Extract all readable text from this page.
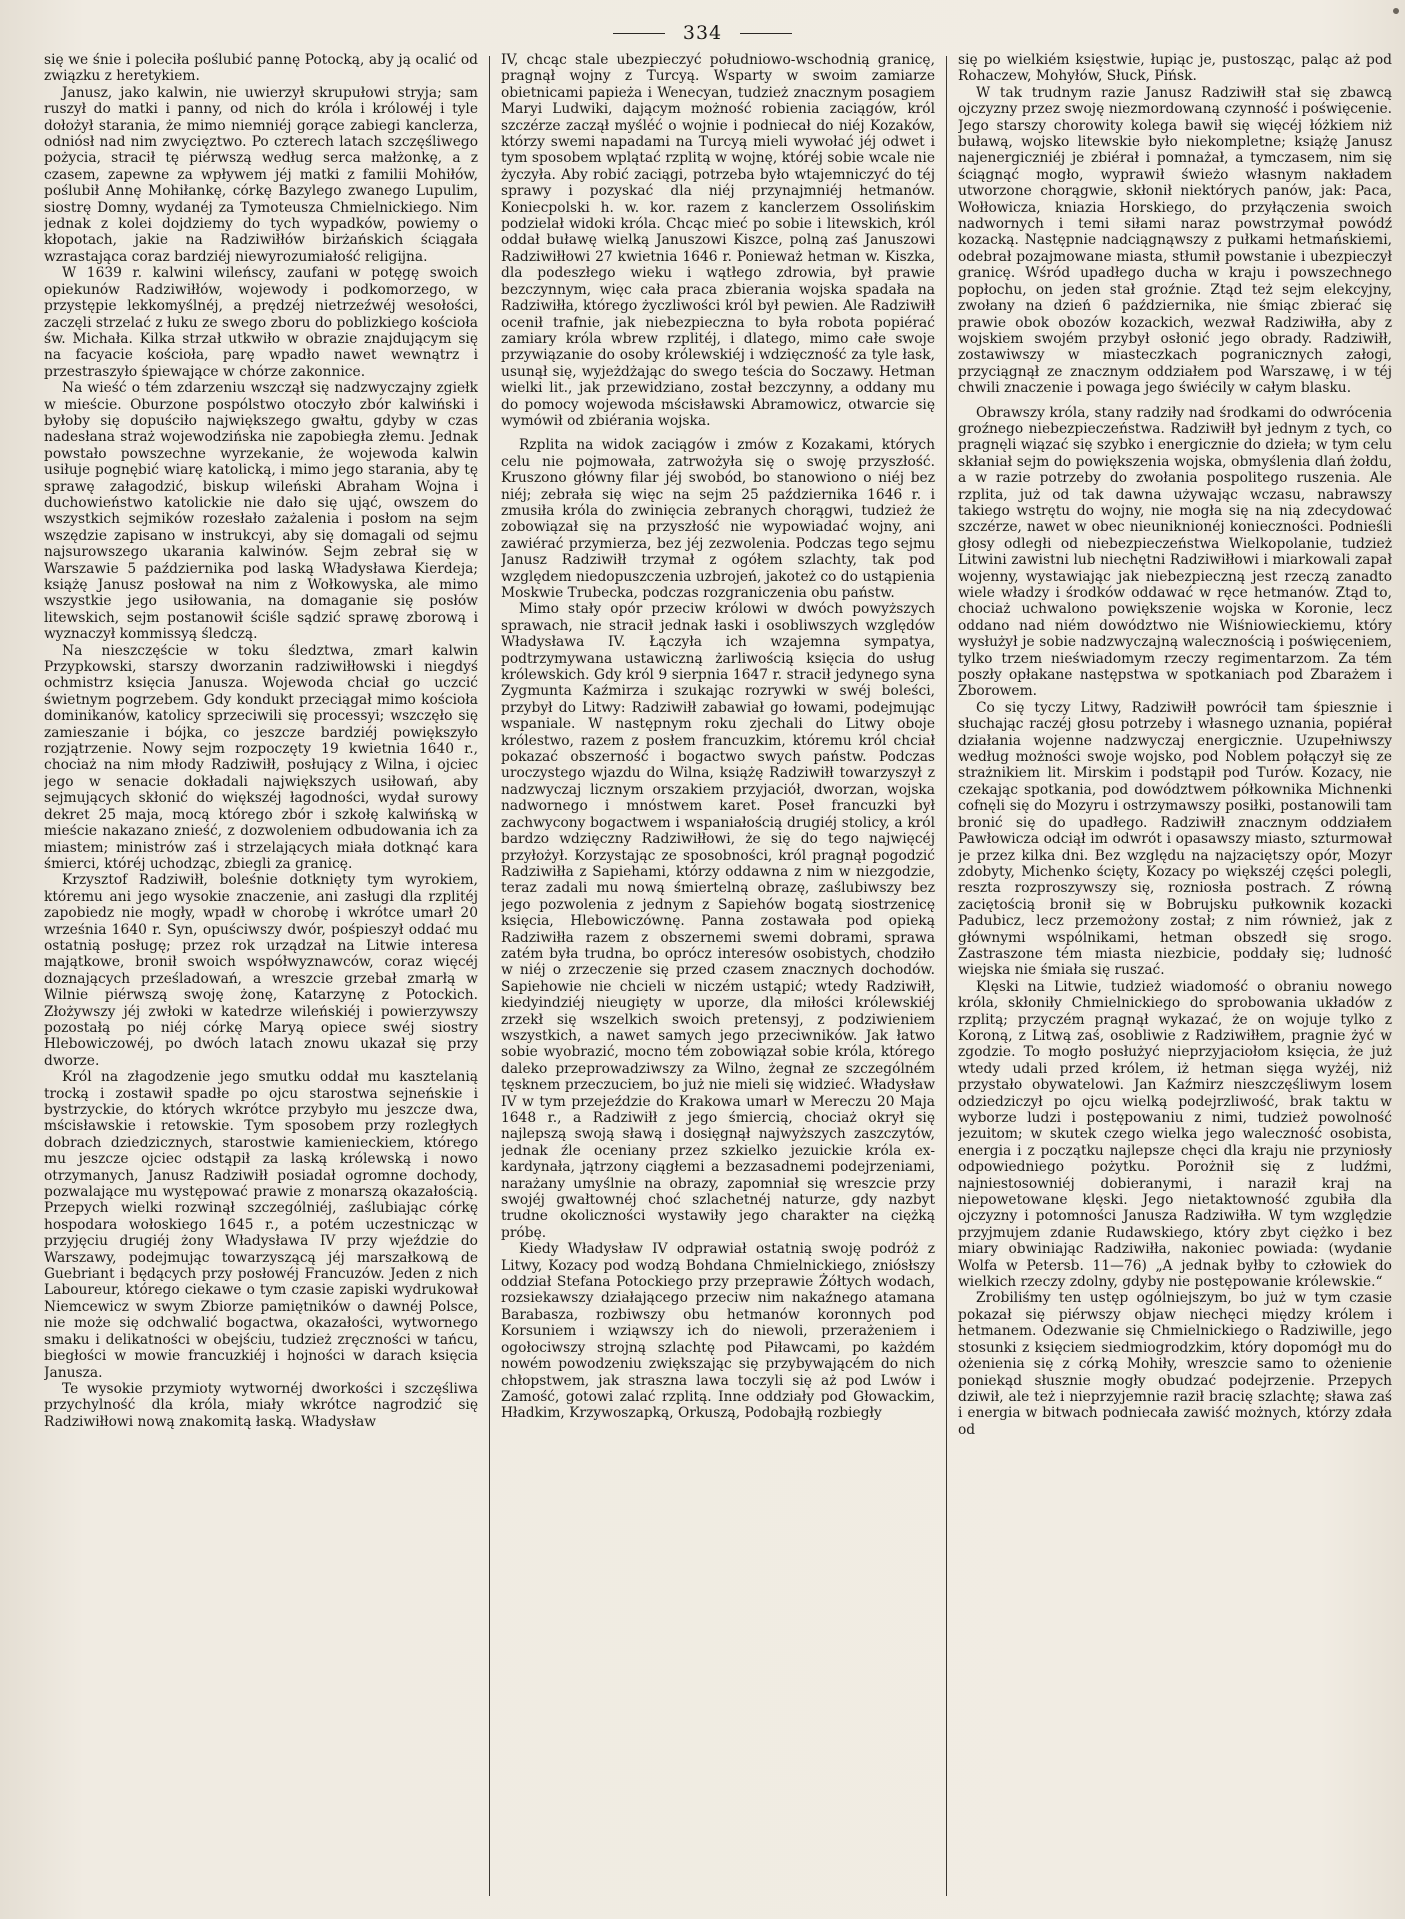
334

się we śnie i poleciła poślubić pannę Potocką, aby ją ocalić od związku z heretykiem.

Janusz, jako kalwin, nie uwierzył skrupułowi stryja; sam ruszył do matki i panny, od nich do króla i królowéj i tyle dołożył starania, że mimo niemniéj gorące zabiegi kanclerza, odniósł nad nim zwycięztwo. Po czterech latach szczęśliwego pożycia, stracił tę piérwszą według serca małżonkę, a z czasem, zapewne za wpływem jéj matki z familii Mohiłów, poślubił Annę Mohiłankę, córkę Bazylego zwanego Lupulim, siostrę Domny, wydanéj za Tymoteusza Chmielnickiego. Nim jednak z kolei dojdziemy do tych wypadków, powiemy o kłopotach, jakie na Radziwiłłów birżańskich ściągała wzrastająca coraz bardziéj niewyrozumiałość religijna.

W 1639 r. kalwini wileńscy, zaufani w potęgę swoich opiekunów Radziwiłłów, wojewody i podkomorzego, w przystępie lekkomyślnéj, a prędzéj nietrzeźwéj wesołości, zaczęli strzelać z łuku ze swego zboru do poblizkiego kościoła św. Michała. Kilka strzał utkwiło w obrazie znajdującym się na facyacie kościoła, parę wpadło nawet wewnątrz i przestraszyło śpiewające w chórze zakonnice.

Na wieść o tém zdarzeniu wszczął się nadzwyczajny zgiełk w mieście. Oburzone pospólstwo otoczyło zbór kalwiński i byłoby się dopuściło największego gwałtu, gdyby w czas nadesłana straż wojewodzińska nie zapobiegła złemu. Jednak powstało powszechne wyrzekanie, że wojewoda kalwin usiłuje pognębić wiarę katolicką, i mimo jego starania, aby tę sprawę załagodzić, biskup wileński Abraham Wojna i duchowieństwo katolickie nie dało się ująć, owszem do wszystkich sejmików rozesłało zażalenia i posłom na sejm wszędzie zapisano w instrukcyi, aby się domagali od sejmu najsurowszego ukarania kalwinów. Sejm zebrał się w Warszawie 5 października pod laską Władysława Kierdeja; książę Janusz posłował na nim z Wołkowyska, ale mimo wszystkie jego usiłowania, na domaganie się posłów litewskich, sejm postanowił ściśle sądzić sprawę zborową i wyznaczył kommissyą śledczą.

Na nieszczęście w toku śledztwa, zmarł kalwin Przypkowski, starszy dworzanin radziwiłłowski i niegdyś ochmistrz księcia Janusza. Wojewoda chciał go uczcić świetnym pogrzebem. Gdy kondukt przeciągał mimo kościoła dominikanów, katolicy sprzeciwili się processyi; wszczęło się zamieszanie i bójka, co jeszcze bardziéj powiększyło rozjątrzenie. Nowy sejm rozpoczęty 19 kwietnia 1640 r., chociaż na nim młody Radziwiłł, posłujący z Wilna, i ojciec jego w senacie dokładali największych usiłowań, aby sejmujących skłonić do większéj łagodności, wydał surowy dekret 25 maja, mocą którego zbór i szkołę kalwińską w mieście nakazano znieść, z dozwoleniem odbudowania ich za miastem; ministrów zaś i strzelających miała dotknąć kara śmierci, któréj uchodząc, zbiegli za granicę.

Krzysztof Radziwiłł, boleśnie dotknięty tym wyrokiem, któremu ani jego wysokie znaczenie, ani zasługi dla rzplitéj zapobiedz nie mogły, wpadł w chorobę i wkrótce umarł 20 września 1640 r. Syn, opuściwszy dwór, pośpieszył oddać mu ostatnią posługę; przez rok urządzał na Litwie interesa majątkowe, bronił swoich współwyznawców, coraz więcéj doznających prześladowań, a wreszcie grzebał zmarłą w Wilnie piérwszą swoję żonę, Katarzynę z Potockich. Złożywszy jéj zwłoki w katedrze wileńskiéj i powierzywszy pozostałą po niéj córkę Maryą opiece swéj siostry Hlebowiczowéj, po dwóch latach znowu ukazał się przy dworze.

Król na złagodzenie jego smutku oddał mu kasztelanią trocką i zostawił spadłe po ojcu starostwa sejneńskie i bystrzyckie, do których wkrótce przybyło mu jeszcze dwa, mścisławskie i retowskie. Tym sposobem przy rozległych dobrach dziedzicznych, starostwie kamienieckiem, którego mu jeszcze ojciec odstąpił za laską królewską i nowo otrzymanych, Janusz Radziwiłł posiadał ogromne dochody, pozwalające mu występować prawie z monarszą okazałością. Przepych wielki rozwinął szczególniéj, zaślubiając córkę hospodara wołoskiego 1645 r., a potém uczestnicząc w przyjęciu drugiéj żony Władysława IV przy wjeździe do Warszawy, podejmując towarzyszącą jéj marszałkową de Guebriant i będących przy posłowéj Francuzów. Jeden z nich Laboureur, którego ciekawe o tym czasie zapiski wydrukował Niemcewicz w swym Zbiorze pamiętników o dawnéj Polsce, nie może się odchwalić bogactwa, okazałości, wytwornego smaku i delikatności w obejściu, tudzież zręczności w tańcu, biegłości w mowie francuzkiéj i hojności w darach księcia Janusza.

Te wysokie przymioty wytwornéj dworkości i szczęśliwa przychylność dla króla, miały wkrótce nagrodzić się Radziwiłłowi nową znakomitą łaską. Władysław

IV, chcąc stale ubezpieczyć południowo-wschodnią granicę, pragnął wojny z Turcyą. Wsparty w swoim zamiarze obietnicami papieża i Wenecyan, tudzież znacznym posagiem Maryi Ludwiki, dającym możność robienia zaciągów, król szczérze zaczął myśléć o wojnie i podniecał do niéj Kozaków, którzy swemi napadami na Turcyą mieli wywołać jéj odwet i tym sposobem wplątać rzplitą w wojnę, któréj sobie wcale nie życzyła. Aby robić zaciągi, potrzeba było wtajemniczyć do téj sprawy i pozyskać dla niéj przynajmniéj hetmanów. Koniecpolski h. w. kor. razem z kanclerzem Ossolińskim podzielał widoki króla. Chcąc mieć po sobie i litewskich, król oddał buławę wielką Januszowi Kiszce, polną zaś Januszowi Radziwiłłowi 27 kwietnia 1646 r. Ponieważ hetman w. Kiszka, dla podeszłego wieku i wątłego zdrowia, był prawie bezczynnym, więc cała praca zbierania wojska spadała na Radziwiłła, którego życzliwości król był pewien. Ale Radziwiłł ocenił trafnie, jak niebezpieczna to była robota popiérać zamiary króla wbrew rzplitéj, i dlatego, mimo całe swoje przywiązanie do osoby królewskiéj i wdzięczność za tyle łask, usunął się, wyjeżdżając do swego teścia do Soczawy. Hetman wielki lit., jak przewidziano, został bezczynny, a oddany mu do pomocy wojewoda mścisławski Abramowicz, otwarcie się wymówił od zbiérania wojska.

Rzplita na widok zaciągów i zmów z Kozakami, których celu nie pojmowała, zatrwożyła się o swoję przyszłość. Kruszono główny filar jéj swobód, bo stanowiono o niéj bez niéj; zebrała się więc na sejm 25 października 1646 r. i zmusiła króla do zwinięcia zebranych chorągwi, tudzież że zobowiązał się na przyszłość nie wypowiadać wojny, ani zawiérać przymierza, bez jéj zezwolenia. Podczas tego sejmu Janusz Radziwiłł trzymał z ogółem szlachty, tak pod względem niedopuszczenia uzbrojeń, jakoteż co do ustąpienia Moskwie Trubecka, podczas rozgraniczenia obu państw.

Mimo stały opór przeciw królowi w dwóch powyższych sprawach, nie stracił jednak łaski i osobliwszych względów Władysława IV. Łączyła ich wzajemna sympatya, podtrzymywana ustawiczną żarliwością księcia do usług królewskich. Gdy król 9 sierpnia 1647 r. stracił jedynego syna Zygmunta Kaźmirza i szukając rozrywki w swéj boleści, przybył do Litwy: Radziwiłł zabawiał go łowami, podejmując wspaniale. W następnym roku zjechali do Litwy oboje królestwo, razem z posłem francuzkim, któremu król chciał pokazać obszerność i bogactwo swych państw. Podczas uroczystego wjazdu do Wilna, książę Radziwiłł towarzyszył z nadzwyczaj licznym orszakiem przyjaciół, dworzan, wojska nadwornego i mnóstwem karet. Poseł francuzki był zachwycony bogactwem i wspaniałością drugiéj stolicy, a król bardzo wdzięczny Radziwiłłowi, że się do tego najwięcéj przyłożył. Korzystając ze sposobności, król pragnął pogodzić Radziwiłła z Sapiehami, którzy oddawna z nim w niezgodzie, teraz zadali mu nową śmiertelną obrazę, zaślubiwszy bez jego pozwolenia z jednym z Sapiehów bogatą siostrzenicę księcia, Hlebowiczównę. Panna zostawała pod opieką Radziwiłła razem z obszernemi swemi dobrami, sprawa zatém była trudna, bo oprócz interesów osobistych, chodziło w niéj o zrzeczenie się przed czasem znacznych dochodów. Sapiehowie nie chcieli w niczém ustąpić; wtedy Radziwiłł, kiedyindziéj nieugięty w uporze, dla miłości królewskiéj zrzekł się wszelkich swoich pretensyj, z podziwieniem wszystkich, a nawet samych jego przeciwników. Jak łatwo sobie wyobrazić, mocno tém zobowiązał sobie króla, którego daleko przeprowadziwszy za Wilno, żegnał ze szczególném tęsknem przeczuciem, bo już nie mieli się widzieć. Władysław IV w tym przejeździe do Krakowa umarł w Mereczu 20 Maja 1648 r., a Radziwiłł z jego śmiercią, chociaż okrył się najlepszą swoją sławą i dosięgnął najwyższych zaszczytów, jednak źle oceniany przez szkielko jezuickie króla ex-kardynała, jątrzony ciągłemi a bezzasadnemi podejrzeniami, narażany umyślnie na obrazy, zapomniał się wreszcie przy swojéj gwałtownéj choć szlachetnéj naturze, gdy nazbyt trudne okoliczności wystawiły jego charakter na ciężką próbę.

Kiedy Władysław IV odprawiał ostatnią swoję podróż z Litwy, Kozacy pod wodzą Bohdana Chmielnickiego, zniósłszy oddział Stefana Potockiego przy przeprawie Żółtych wodach, rozsiekawszy działającego przeciw nim nakaźnego atamana Barabasza, rozbiwszy obu hetmanów koronnych pod Korsuniem i wziąwszy ich do niewoli, przerażeniem i ogołociwszy strojną szlachtę pod Piławcami, po każdém nowém powodzeniu zwiększając się przybywającém do nich chłopstwem, jak straszna lawa toczyli się aż pod Lwów i Zamość, gotowi zalać rzplitą. Inne oddziały pod Głowackim, Hładkim, Krzywoszapką, Orkuszą, Podobajłą rozbiegły

się po wielkiém księstwie, łupiąc je, pustosząc, paląc aż pod Rohaczew, Mohyłów, Słuck, Pińsk.

W tak trudnym razie Janusz Radziwiłł stał się zbawcą ojczyzny przez swoję niezmordowaną czynność i poświęcenie. Jego starszy chorowity kolega bawił się więcéj łóżkiem niż buławą, wojsko litewskie było niekompletne; książę Janusz najenergiczniéj je zbiérał i pomnażał, a tymczasem, nim się ściągnąć mogło, wyprawił świeżo własnym nakładem utworzone chorągwie, skłonił niektórych panów, jak: Paca, Wołłowicza, kniazia Horskiego, do przyłączenia swoich nadwornych i temi siłami naraz powstrzymał powódź kozacką. Następnie nadciągnąwszy z pułkami hetmańskiemi, odebrał pozajmowane miasta, stłumił powstanie i ubezpieczył granicę. Wśród upadłego ducha w kraju i powszechnego popłochu, on jeden stał groźnie. Ztąd też sejm elekcyjny, zwołany na dzień 6 października, nie śmiąc zbierać się prawie obok obozów kozackich, wezwał Radziwiłła, aby z wojskiem swojém przybył osłonić jego obrady. Radziwiłł, zostawiwszy w miasteczkach pogranicznych załogi, przyciągnął ze znacznym oddziałem pod Warszawę, i w téj chwili znaczenie i powaga jego świécily w całym blasku.

Obrawszy króla, stany radziły nad środkami do odwrócenia groźnego niebezpieczeństwa. Radziwiłł był jednym z tych, co pragnęli wiązać się szybko i energicznie do dzieła; w tym celu skłaniał sejm do powiększenia wojska, obmyślenia dlań żołdu, a w razie potrzeby do zwołania pospolitego ruszenia. Ale rzplita, już od tak dawna używając wczasu, nabrawszy takiego wstrętu do wojny, nie mogła się na nią zdecydować szczérze, nawet w obec nieuniknionéj konieczności. Podnieśli głosy odległi od niebezpieczeństwa Wielkopolanie, tudzież Litwini zawistni lub niechętni Radziwiłłowi i miarkowali zapał wojenny, wystawiając jak niebezpieczną jest rzeczą zanadto wiele władzy i środków oddawać w ręce hetmanów. Ztąd to, chociaż uchwalono powiększenie wojska w Koronie, lecz oddano nad niém dowództwo nie Wiśniowieckiemu, który wysłużył je sobie nadzwyczajną walecznością i poświęceniem, tylko trzem nieświadomym rzeczy regimentarzom. Za tém poszły opłakane następstwa w spotkaniach pod Zbarażem i Zborowem.

Co się tyczy Litwy, Radziwiłł powrócił tam śpiesznie i słuchając raczéj głosu potrzeby i własnego uznania, popiérał działania wojenne nadzwyczaj energicznie. Uzupełniwszy według możności swoje wojsko, pod Noblem połączył się ze strażnikiem lit. Mirskim i podstąpił pod Turów. Kozacy, nie czekając spotkania, pod dowództwem półkownika Michnenki cofnęli się do Mozyru i ostrzymawszy posiłki, postanowili tam bronić się do upadłego. Radziwiłł znacznym oddziałem Pawłowicza odciął im odwrót i opasawszy miasto, szturmował je przez kilka dni. Bez względu na najzaciętszy opór, Mozyr zdobyty, Michenko ścięty, Kozacy po większéj części polegli, reszta rozproszywszy się, rozniosła postrach. Z równą zaciętością bronił się w Bobrujsku pułkownik kozacki Padubicz, lecz przemożony został; z nim również, jak z głównymi wspólnikami, hetman obszedł się srogo. Zastraszone tém miasta niezbicie, poddały się; ludność wiejska nie śmiała się ruszać.

Klęski na Litwie, tudzież wiadomość o obraniu nowego króla, skłoniły Chmielnickiego do sprobowania układów z rzplitą; przyczém pragnął wykazać, że on wojuje tylko z Koroną, z Litwą zaś, osobliwie z Radziwiłłem, pragnie żyć w zgodzie. To mogło posłużyć nieprzyjaciołom księcia, że już wtedy udali przed królem, iż hetman sięga wyżéj, niż przystało obywatelowi. Jan Kaźmirz nieszczęśliwym losem odziedziczył po ojcu wielką podejrzliwość, brak taktu w wyborze ludzi i postępowaniu z nimi, tudzież powolność jezuitom; w skutek czego wielka jego waleczność osobista, energia i z początku najlepsze chęci dla kraju nie przyniosły odpowiedniego pożytku. Porożnił się z ludźmi, najniestosowniéj dobieranymi, i naraził kraj na niepowetowane klęski. Jego nietaktowność zgubiła dla ojczyzny i potomności Janusza Radziwiłła. W tym względzie przyjmujem zdanie Rudawskiego, który zbyt ciężko i bez miary obwiniając Radziwiłła, nakoniec powiada: (wydanie Wolfa w Petersb. 11—76) „A jednak byłby to człowiek do wielkich rzeczy zdolny, gdyby nie postępowanie królewskie.“

Zrobiliśmy ten ustęp ogólniejszym, bo już w tym czasie pokazał się piérwszy objaw niechęci między królem i hetmanem. Odezwanie się Chmielnickiego o Radziwille, jego stosunki z księciem siedmiogrodzkim, który dopomógł mu do ożenienia się z córką Mohiły, wreszcie samo to ożenienie poniekąd słusznie mogły obudzać podejrzenie. Przepych dziwił, ale też i nieprzyjemnie raził bracię szlachtę; sława zaś i energia w bitwach podniecała zawiść możnych, którzy zdała od
